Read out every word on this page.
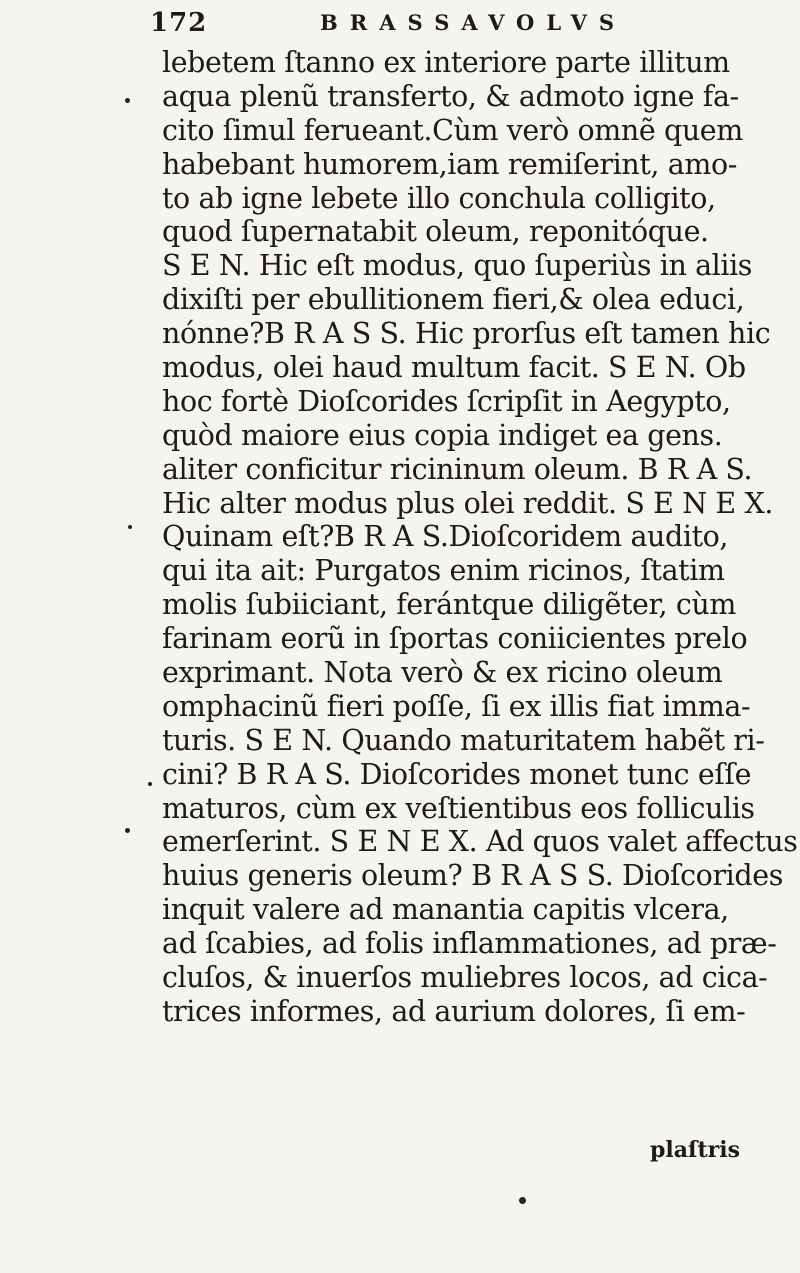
172	BRASSAVOLVS
lebetem ſtanno ex interiore parte illitum
aqua plenũ transferto, & admoto igne fa-
cito ſimul ferueant.Cùm verò omnẽ quem
habebant humorem,iam remiſerint, amo-
to ab igne lebete illo conchula colligito,
quod ſupernatabit oleum, reponitóque.
S E N. Hic eſt modus, quo ſuperiùs in aliis
dixiſti per ebullitionem fieri,& olea educi,
nónne?B R A S S. Hic prorſus eſt tamen hic
modus, olei haud multum facit. S E N. Ob
hoc fortè Dioſcorides ſcripſit in Aegypto,
quòd maiore eius copia indiget ea gens.
aliter conficitur ricininum oleum. B R A S.
Hic alter modus plus olei reddit. S E N E X.
Quinam eſt?B R A S.Dioſcoridem audito,
qui ita ait: Purgatos enim ricinos, ſtatim
molis ſubiiciant, ferántque diligẽter, cùm
farinam eorũ in ſportas coniicientes prelo
exprimant. Nota verò & ex ricino oleum
omphacinũ fieri poſſe, ſi ex illis fiat imma-
turis. S E N. Quando maturitatem habẽt ri-
cini? B R A S. Dioſcorides monet tunc eſſe
maturos, cùm ex veſtientibus eos folliculis
emerſerint. S E N E X. Ad quos valet affectus
huius generis oleum? B R A S S. Dioſcorides
inquit valere ad manantia capitis vlcera,
ad ſcabies, ad folis inflammationes, ad præ-
cluſos, & inuerſos muliebres locos, ad cica-
trices informes, ad aurium dolores, ſi em-
plaſtris
